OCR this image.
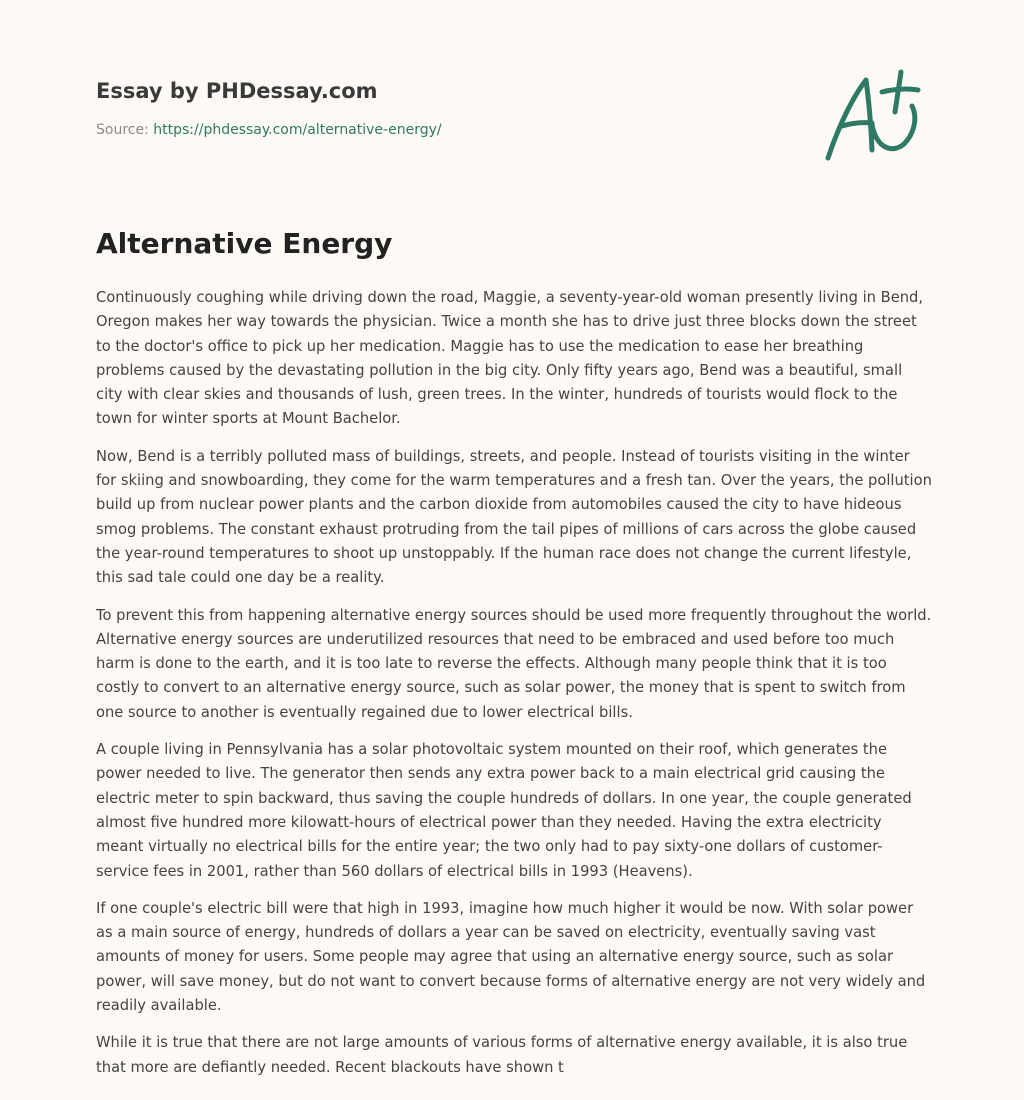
Essay by PHDessay.com
Source: https://phdessay.com/alternative-energy/
Alternative Energy

Continuously coughing while driving down the road, Maggie, a seventy-year-old woman presently living in Bend, Oregon makes her way towards the physician. Twice a month she has to drive just three blocks down the street to the doctor's office to pick up her medication. Maggie has to use the medication to ease her breathing problems caused by the devastating pollution in the big city. Only fifty years ago, Bend was a beautiful, small city with clear skies and thousands of lush, green trees. In the winter, hundreds of tourists would flock to the town for winter sports at Mount Bachelor.

Now, Bend is a terribly polluted mass of buildings, streets, and people. Instead of tourists visiting in the winter for skiing and snowboarding, they come for the warm temperatures and a fresh tan. Over the years, the pollution build up from nuclear power plants and the carbon dioxide from automobiles caused the city to have hideous smog problems. The constant exhaust protruding from the tail pipes of millions of cars across the globe caused the year-round temperatures to shoot up unstoppably. If the human race does not change the current lifestyle, this sad tale could one day be a reality.

To prevent this from happening alternative energy sources should be used more frequently throughout the world. Alternative energy sources are underutilized resources that need to be embraced and used before too much harm is done to the earth, and it is too late to reverse the effects. Although many people think that it is too costly to convert to an alternative energy source, such as solar power, the money that is spent to switch from one source to another is eventually regained due to lower electrical bills.

A couple living in Pennsylvania has a solar photovoltaic system mounted on their roof, which generates the power needed to live. The generator then sends any extra power back to a main electrical grid causing the electric meter to spin backward, thus saving the couple hundreds of dollars. In one year, the couple generated almost five hundred more kilowatt-hours of electrical power than they needed. Having the extra electricity meant virtually no electrical bills for the entire year; the two only had to pay sixty-one dollars of customer-service fees in 2001, rather than 560 dollars of electrical bills in 1993 (Heavens).

If one couple's electric bill were that high in 1993, imagine how much higher it would be now. With solar power as a main source of energy, hundreds of dollars a year can be saved on electricity, eventually saving vast amounts of money for users. Some people may agree that using an alternative energy source, such as solar power, will save money, but do not want to convert because forms of alternative energy are not very widely and readily available.

While it is true that there are not large amounts of various forms of alternative energy available, it is also true that more are defiantly needed. Recent blackouts have shown t
